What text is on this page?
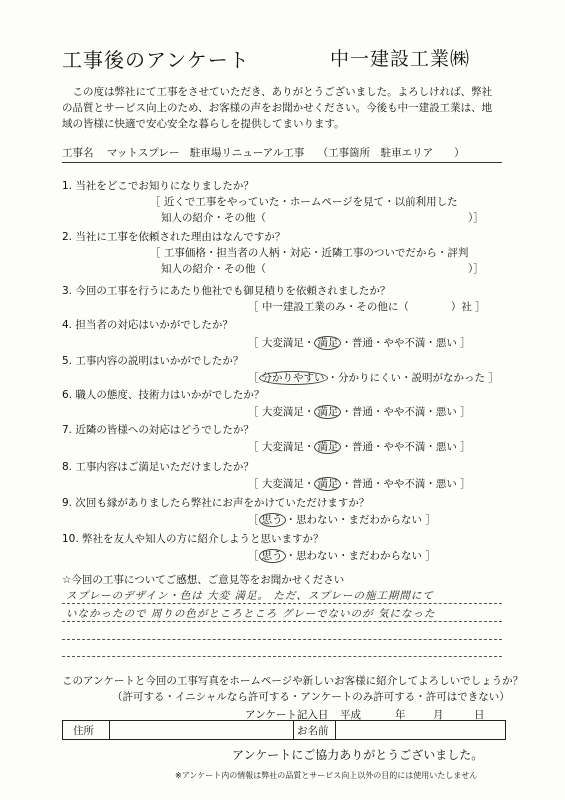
工事後のアンケート	中一建設工業㈱
この度は弊社にて工事をさせていただき、ありがとうございました。よろしければ、弊社の品質とサービス向上のため、お客様の声をお聞かせください。今後も中一建設工業は、地域の皆様に快適で安心安全な暮らしを提供してまいります。
工事名 マットスプレー　駐車場リニューアル工事 （工事箇所　駐車エリア　　）
1. 当社をどこでお知りになりましたか？
［ 近くで工事をやっていた・ホームページを見て・以前利用した
知人の紹介・その他（	）］
2. 当社に工事を依頼された理由はなんですか？
［ 工事価格・担当者の人柄・対応・近隣工事のついでだから・評判
知人の紹介・その他（	）］
3. 今回の工事を行うにあたり他社でも御見積りを依頼されましたか？
［ 中一建設工業のみ・その他に（　　　　）社 ］
4. 担当者の対応はいかがでしたか？
［ 大変満足・ 満足 ・普通・やや不満・悪い ］
5. 工事内容の説明はいかがでしたか？
［ 分かりやすい ・分かりにくい・説明がなかった ］
6. 職人の態度、技術力はいかがでしたか？
［ 大変満足・ 満足 ・普通・やや不満・悪い ］
7. 近隣の皆様への対応はどうでしたか？
［ 大変満足・ 満足 ・普通・やや不満・悪い ］
8. 工事内容はご満足いただけましたか？
［ 大変満足・ 満足 ・普通・やや不満・悪い ］
9. 次回も縁がありましたら弊社にお声をかけていただけますか？
［ 思う ・思わない・まだわからない ］
10. 弊社を友人や知人の方に紹介しようと思いますか？
［ 思う ・思わない・まだわからない ］
☆今回の工事についてご感想、ご意見等をお聞かせください
スプレーのデザイン・色は 大変 満足。 ただ、スプレーの施工期間にて
いなかったので 周りの色がところところ グレーでないのが 気になった
このアンケートと今回の工事写真をホームページや新しいお客様に紹介してよろしいでしょうか？
（許可する・イニシャルなら許可する・アンケートのみ許可する・許可はできない）
アンケート記入日 平成	年	月	日
住所	お名前
アンケートにご協力ありがとうございました。
※アンケート内の情報は弊社の品質とサービス向上以外の目的には使用いたしません
